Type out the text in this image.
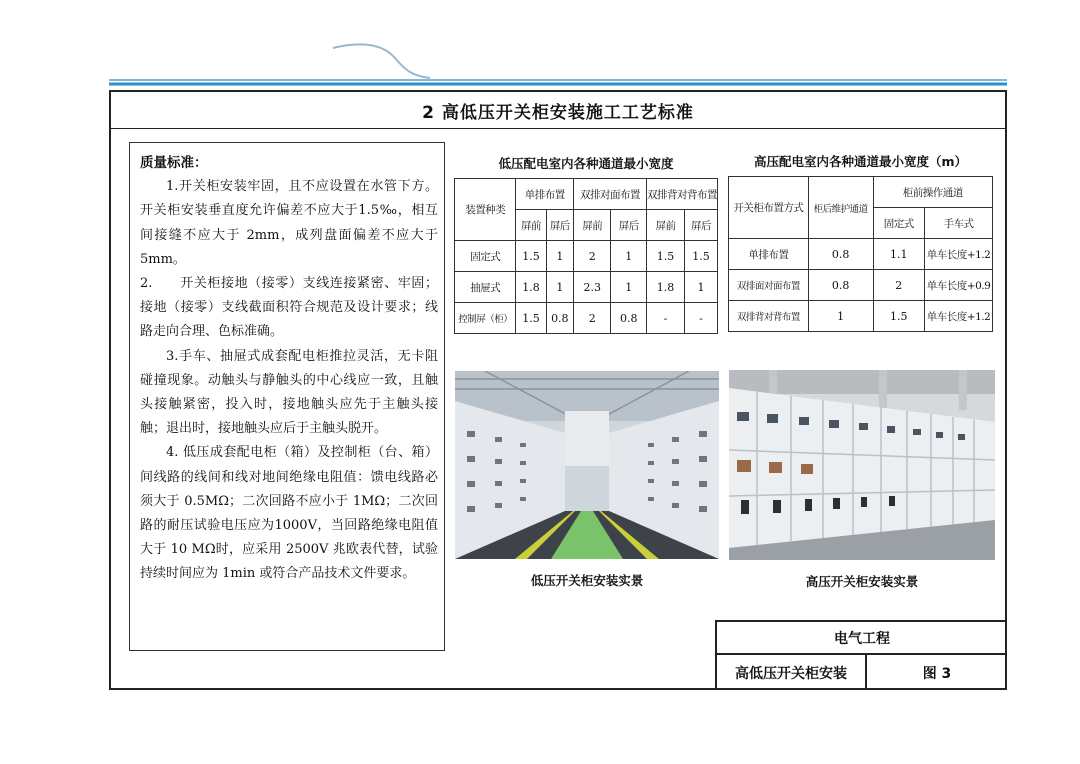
2 高低压开关柜安装施工工艺标准
质量标准：

1.开关柜安装牢固，且不应设置在水管下方。开关柜安装垂直度允许偏差不应大于1.5‰，相互间接缝不应大于 2mm，成列盘面偏差不应大于 5mm。

2.　　开关柜接地（接零）支线连接紧密、牢固；接地（接零）支线截面积符合规范及设计要求；线路走向合理、色标准确。

3.手车、抽屉式成套配电柜推拉灵活，无卡阻碰撞现象。动触头与静触头的中心线应一致，且触头接触紧密，投入时，接地触头应先于主触头接触；退出时，接地触头应后于主触头脱开。

4. 低压成套配电柜（箱）及控制柜（台、箱）间线路的线间和线对地间绝缘电阻值：馈电线路必须大于 0.5MΩ；二次回路不应小于 1MΩ；二次回路的耐压试验电压应为1000V，当回路绝缘电阻值大于 10 MΩ时，应采用 2500V 兆欧表代替，试验持续时间应为 1min 或符合产品技术文件要求。

低压配电室内各种通道最小宽度
装置种类	单排布置		双排对面布置		双排背对背布置	
	屏前	屏后	屏前	屏后	屏前	屏后
固定式	1.5	1	2	1	1.5	1.5
抽屉式	1.8	1	2.3	1	1.8	1
控制屏（柜）	1.5	0.8	2	0.8	-	-
高压配电室内各种通道最小宽度（m）
开关柜布置方式	柜后维护通道	柜前操作通道	
		固定式	手车式
单排布置	0.8	1.1	单车长度+1.2
双排面对面布置	0.8	2	单车长度+0.9
双排背对背布置	1	1.5	单车长度+1.2
低压开关柜安装实景	高压开关柜安装实景
电气工程
高低压开关柜安装	图 3
